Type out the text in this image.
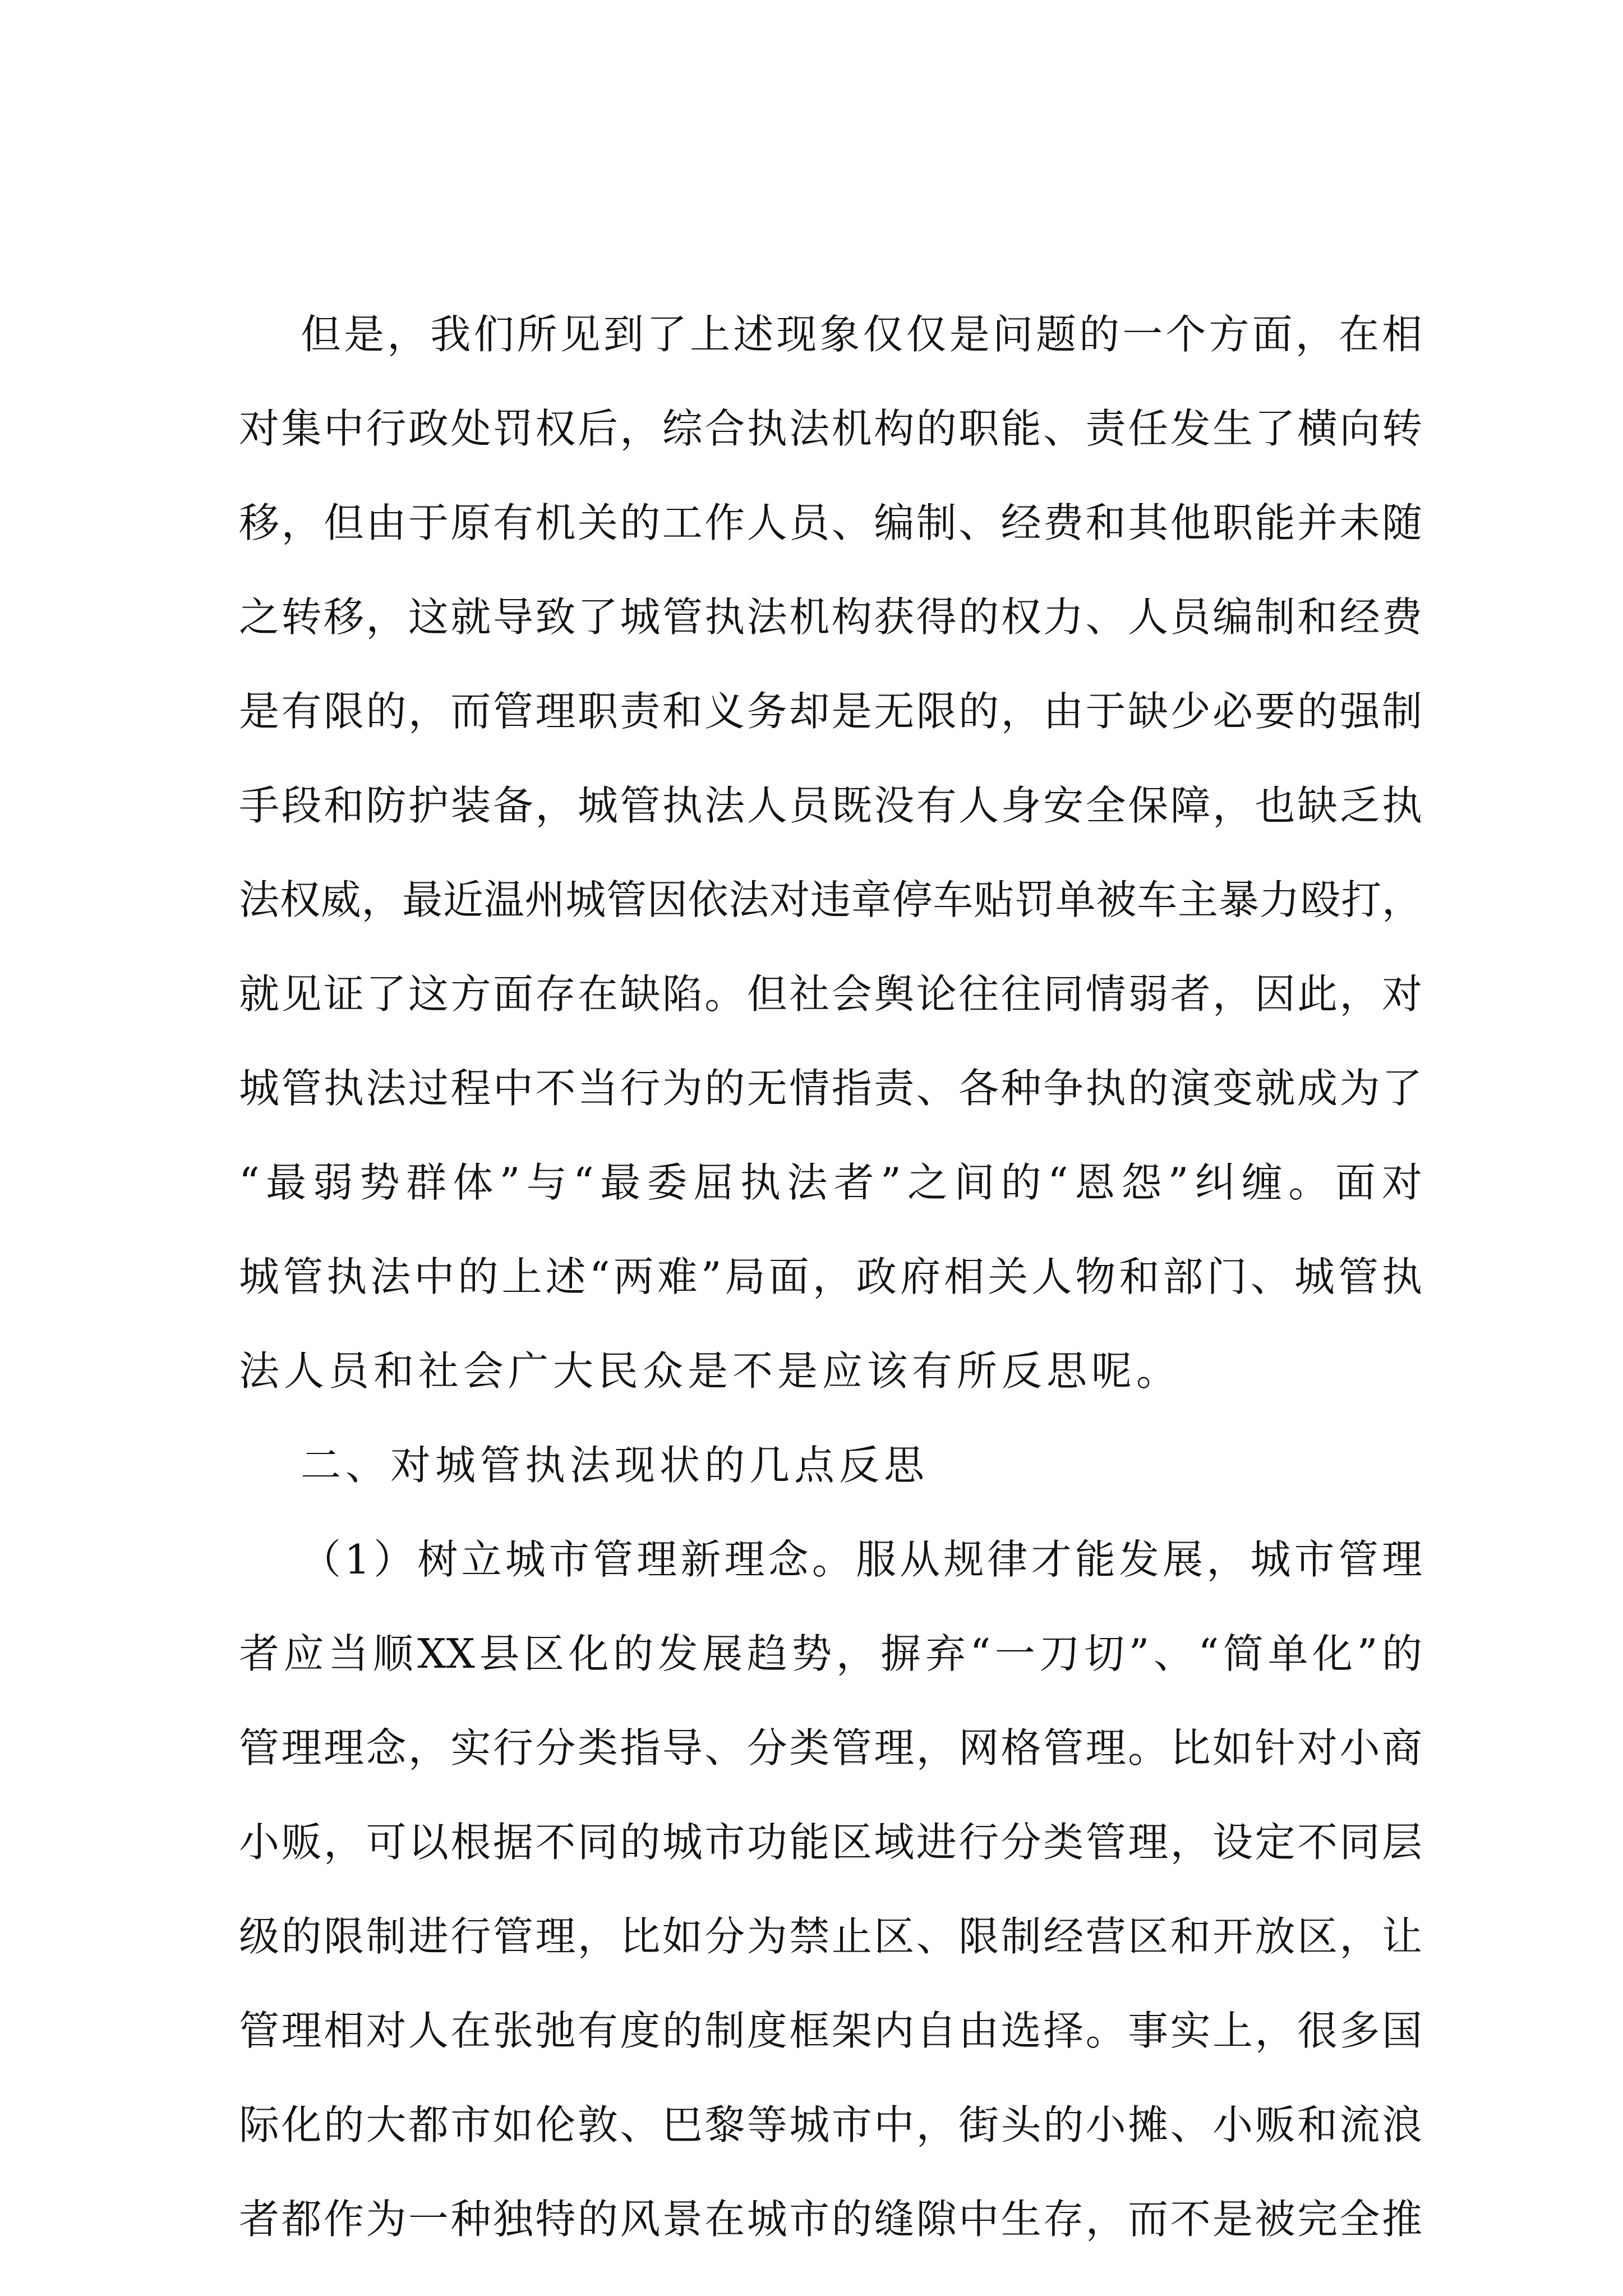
但是，我们所见到了上述现象仅仅是问题的一个方面，在相
对集中行政处罚权后，综合执法机构的职能、责任发生了横向转
移，但由于原有机关的工作人员、编制、经费和其他职能并未随
之转移，这就导致了城管执法机构获得的权力、人员编制和经费
是有限的，而管理职责和义务却是无限的，由于缺少必要的强制
手段和防护装备，城管执法人员既没有人身安全保障，也缺乏执
法权威，最近温州城管因依法对违章停车贴罚单被车主暴力殴打，
就见证了这方面存在缺陷。但社会舆论往往同情弱者，因此，对
城管执法过程中不当行为的无情指责、各种争执的演变就成为了
“最弱势群体”与“最委屈执法者”之间的“恩怨”纠缠。面对
城管执法中的上述“两难”局面，政府相关人物和部门、城管执
法人员和社会广大民众是不是应该有所反思呢。
二、对城管执法现状的几点反思
（1）树立城市管理新理念。服从规律才能发展，城市管理
者应当顺XX县区化的发展趋势，摒弃“一刀切”、“简单化”的
管理理念，实行分类指导、分类管理，网格管理。比如针对小商
小贩，可以根据不同的城市功能区域进行分类管理，设定不同层
级的限制进行管理，比如分为禁止区、限制经营区和开放区，让
管理相对人在张弛有度的制度框架内自由选择。事实上，很多国
际化的大都市如伦敦、巴黎等城市中，街头的小摊、小贩和流浪
者都作为一种独特的风景在城市的缝隙中生存，而不是被完全推
